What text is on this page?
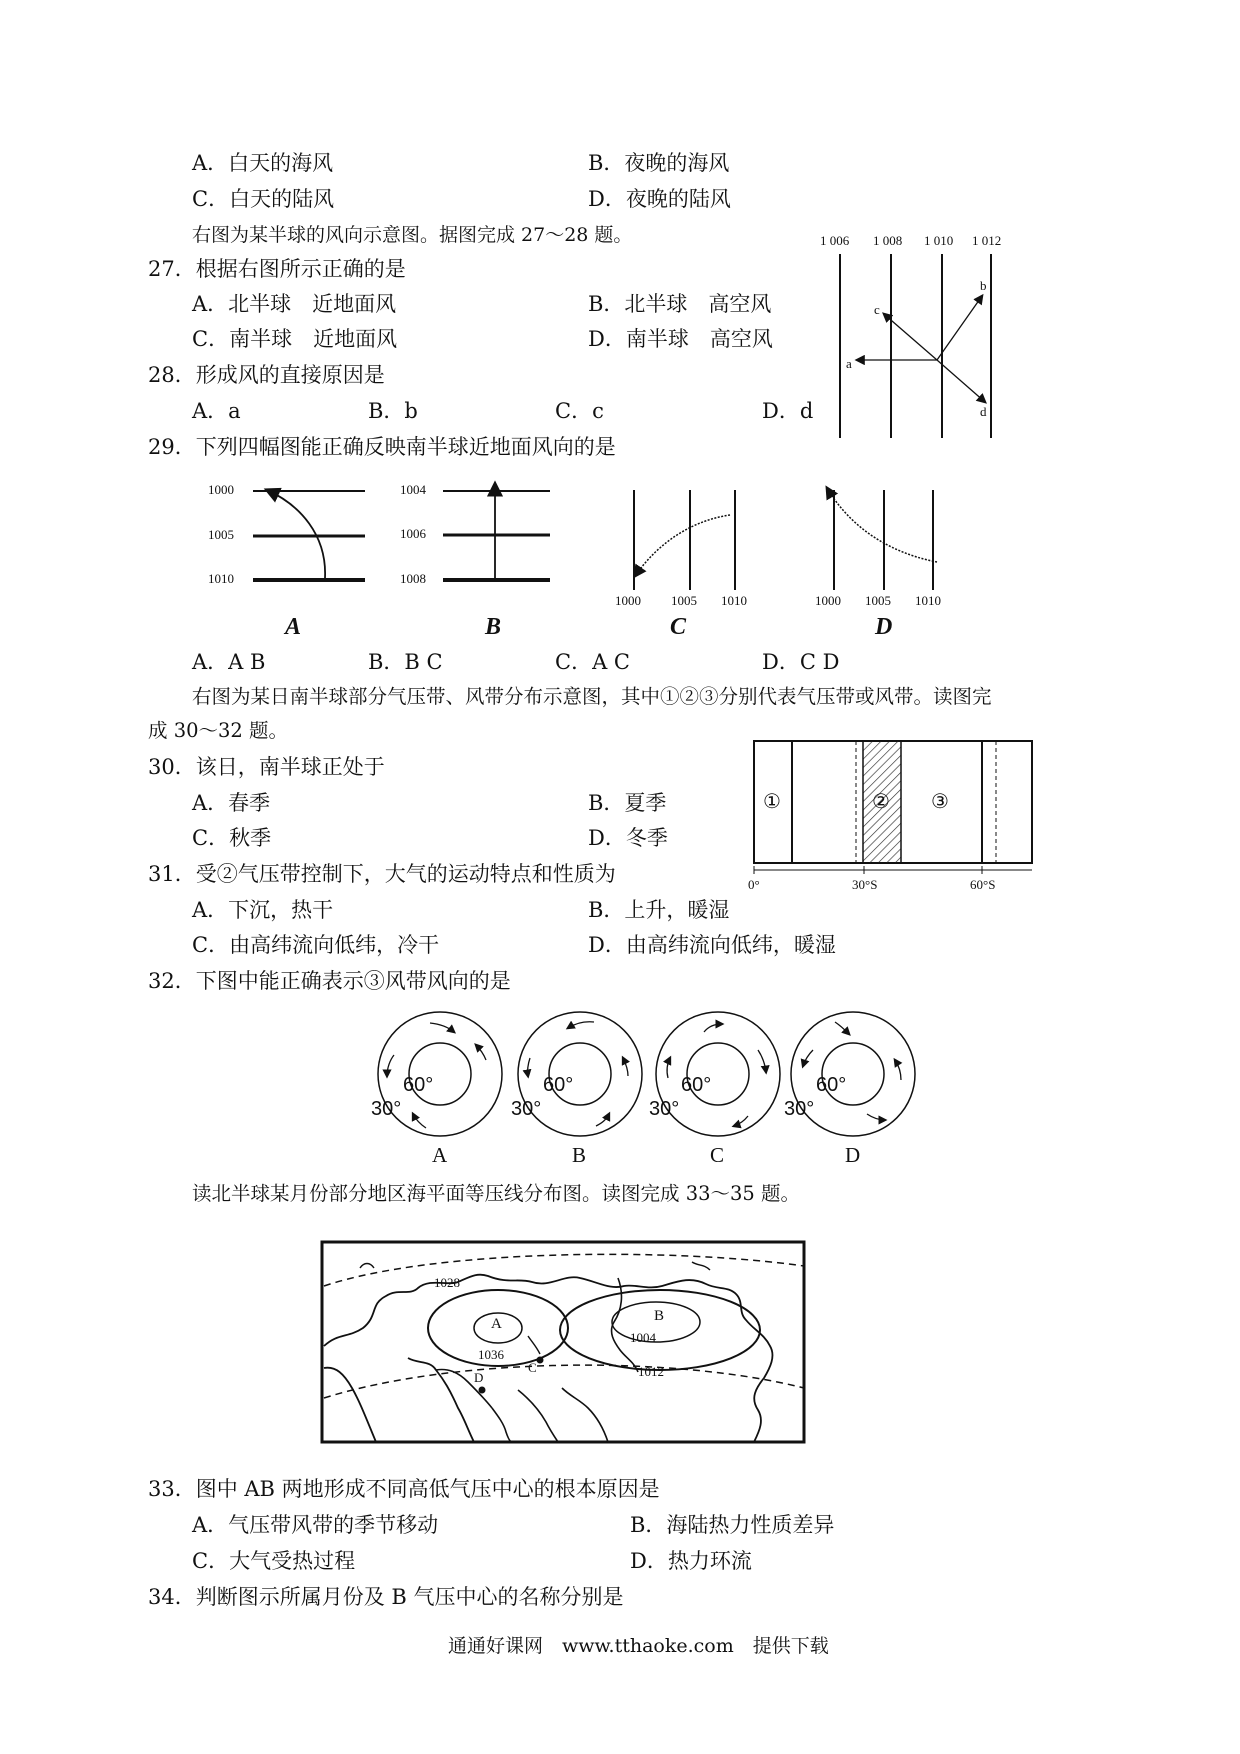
A．白天的海风	B．夜晚的海风
C．白天的陆风	D．夜晚的陆风
右图为某半球的风向示意图。据图完成 27～28 题。
27．根据右图所示正确的是
A．北半球　近地面风	B．北半球　高空风
C．南半球　近地面风	D．南半球　高空风
28．形成风的直接原因是
A．a	B．b	C．c	D．d
1 006 1 008 1 010 1 012
a
b
c
d
29．下列四幅图能正确反映南半球近地面风向的是
1000
1005
1010
A
1004
1006
1008
B
1000 1005 1010
C
1000 1005 1010
D
A．A B	B．B C	C．A C	D．C D
右图为某日南半球部分气压带、风带分布示意图，其中①②③分别代表气压带或风带。读图完
成 30～32 题。
①	② ③
0°	30°S	60°S
30．该日，南半球正处于
A．春季	B．夏季
C．秋季	D．冬季
31．受②气压带控制下，大气的运动特点和性质为
A．下沉，热干	B．上升，暖湿
C．由高纬流向低纬，冷干	D．由高纬流向低纬，暖湿
32．下图中能正确表示③风带风向的是
60°
30°
A
60°
30°
B
60°
30°
C
60°
30°
D
读北半球某月份部分地区海平面等压线分布图。读图完成 33～35 题。
1028
A
1036
C
D
B
1004
1012
33．图中 AB 两地形成不同高低气压中心的根本原因是
A．气压带风带的季节移动	B．海陆热力性质差异
C．大气受热过程	D．热力环流
34．判断图示所属月份及 B 气压中心的名称分别是
通通好课网　www.tthaoke.com　提供下载
